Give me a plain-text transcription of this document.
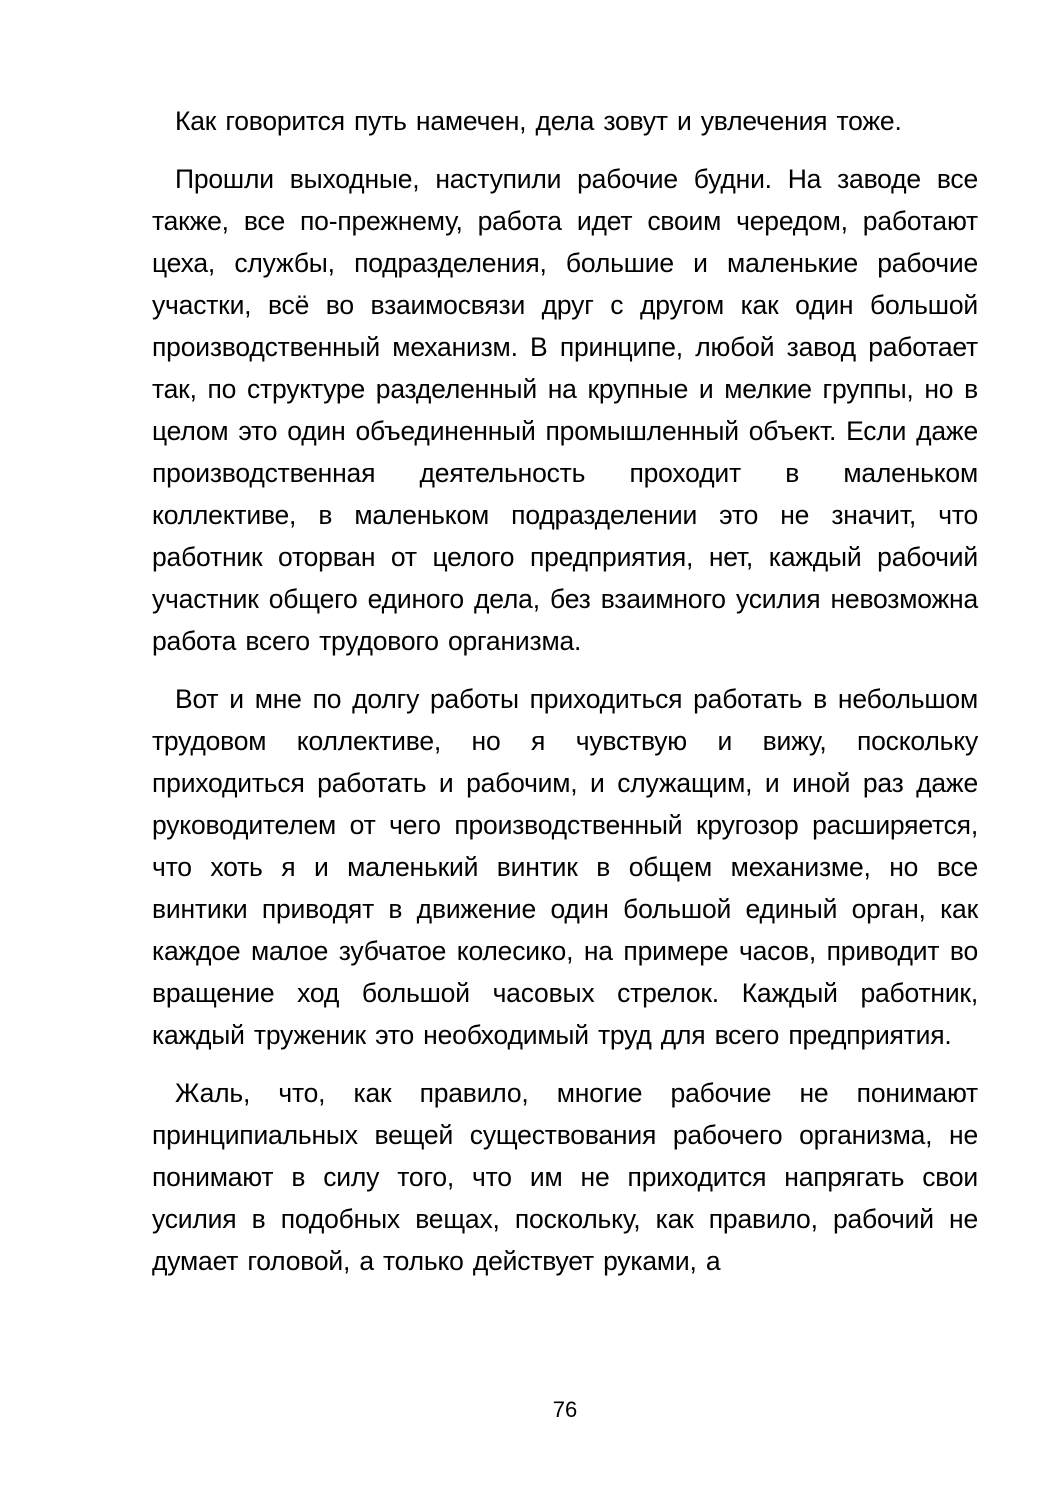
Как говорится путь намечен, дела зовут и увлечения тоже.

Прошли выходные, наступили рабочие будни. На заводе все также, все по-прежнему, работа идет своим чередом, работают цеха, службы, подразделения, большие и маленькие рабочие участки, всё во взаимосвязи друг с другом как один большой производственный механизм. В принципе, любой завод работает так, по структуре разделенный на крупные и мелкие группы, но в целом это один объединенный промышленный объект. Если даже производственная деятельность проходит в маленьком коллективе, в маленьком подразделении это не значит, что работник оторван от целого предприятия, нет, каждый рабочий участник общего единого дела, без взаимного усилия невозможна работа всего трудового организма.

Вот и мне по долгу работы приходиться работать в небольшом трудовом коллективе, но я чувствую и вижу, поскольку приходиться работать и рабочим, и служащим, и иной раз даже руководителем от чего производственный кругозор расширяется, что хоть я и маленький винтик в общем механизме, но все винтики приводят в движение один большой единый орган, как каждое малое зубчатое колесико, на примере часов, приводит во вращение ход большой часовых стрелок. Каждый работник, каждый труженик это необходимый труд для всего предприятия.

Жаль, что, как правило, многие рабочие не понимают принципиальных вещей существования рабочего организма, не понимают в силу того, что им не приходится напрягать свои усилия в подобных вещах, поскольку, как правило, рабочий не думает головой, а только действует руками, а

76
